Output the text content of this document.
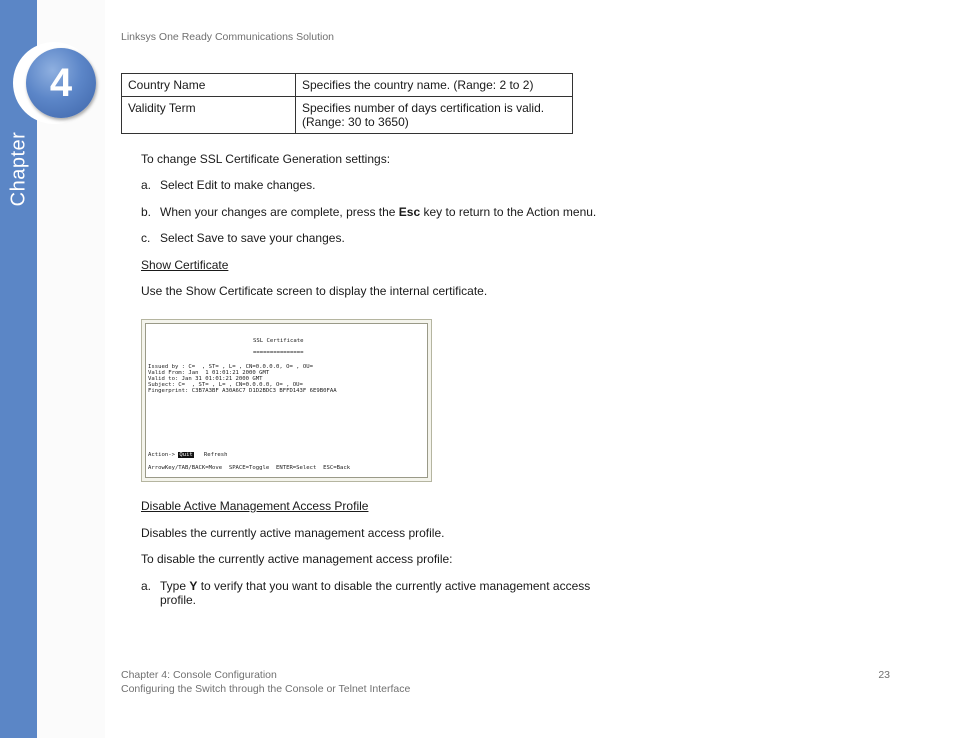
Chapter
4
Linksys One Ready Communications Solution
Country Name	Specifies the country name. (Range: 2 to 2)
Validity Term	Specifies number of days certification is valid.
(Range: 30 to 3650)
To change SSL Certificate Generation settings:
a. Select Edit to make changes.
b. When your changes are complete, press the Esc key to return to the Action menu.
c. Select Save to save your changes.
Show Certificate
Use the Show Certificate screen to display the internal certificate.
SSL Certificate
===============
Issued by : C=  , ST= , L= , CN=0.0.0.0, O= , OU=
Valid From: Jan  1 01:01:21 2000 GMT
Valid to: Jan 31 01:01:21 2000 GMT
Subject: C=  , ST= , L= , CN=0.0.0.0, O= , OU=
Fingerprint: C3B7A3BF A30A6C7 D1D2BDC3 BFFD143F 6E9B0FAA
Action-> Quit Refresh
ArrowKey/TAB/BACK=Move  SPACE=Toggle  ENTER=Select  ESC=Back
Disable Active Management Access Profile
Disables the currently active management access profile.
To disable the currently active management access profile:
a. Type Y to verify that you want to disable the currently active management access
profile.
Chapter 4: Console Configuration
Configuring the Switch through the Console or Telnet Interface
23
